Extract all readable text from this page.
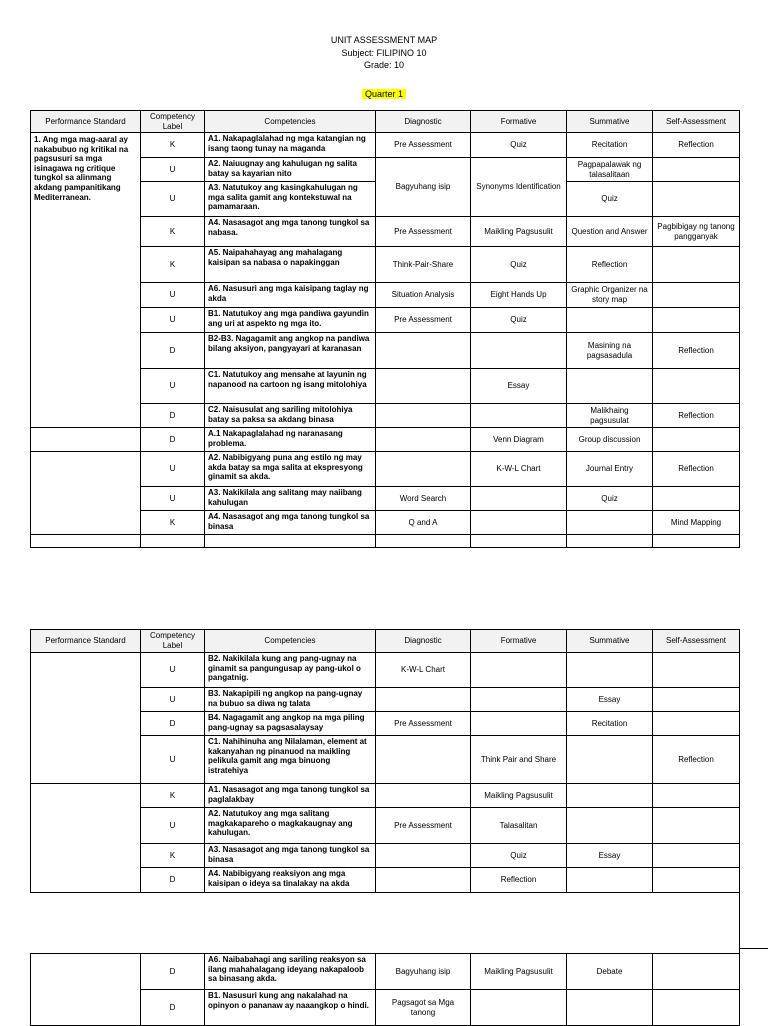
UNIT ASSESSMENT MAP
Subject: FILIPINO 10
Grade: 10
Quarter 1
Performance Standard	Competency Label	Competencies	Diagnostic	Formative	Summative	Self-Assessment
1. Ang mga mag-aaral ay nakabubuo ng kritikal na pagsusuri sa mga isinagawa ng critique tungkol sa alinmang akdang pampanitikang Mediterranean.	K	A1. Nakapaglalahad ng mga katangian ng isang taong tunay na maganda	Pre Assessment	Quiz	Recitation	Reflection
	U	A2. Naiuugnay ang kahulugan ng salita batay sa kayarian nito	Bagyuhang isip	Synonyms Identification	Pagpapalawak ng talasalitaan	
	U	A3. Natutukoy ang kasingkahulugan ng mga salita gamit ang kontekstuwal na pamamaraan.			Quiz	
	K	A4. Nasasagot ang mga tanong tungkol sa nabasa.	Pre Assessment	Maikling Pagsusulit	Question and Answer	Pagbibigay ng tanong pangganyak
	K	A5. Naipahahayag ang mahalagang kaisipan sa nabasa o napakinggan	Think-Pair-Share	Quiz	Reflection	
	U	A6. Nasusuri ang mga kaisipang taglay ng akda	Situation Analysis	Eight Hands Up	Graphic Organizer na story map	
	U	B1. Natutukoy ang mga pandiwa gayundin ang uri at aspekto ng mga ito.	Pre Assessment	Quiz		
	D	B2-B3. Nagagamit ang angkop na pandiwa bilang aksiyon, pangyayari at karanasan			Masining na pagsasadula	Reflection
	U	C1. Natutukoy ang mensahe at layunin ng napanood na cartoon ng isang mitolohiya		Essay		
	D	C2. Naisusulat ang sariling mitolohiya batay sa paksa sa akdang binasa			Malikhaing pagsusulat	Reflection
	D	A.1 Nakapaglalahad ng naranasang problema.		Venn Diagram	Group discussion	
	U	A2. Nabibigyang puna ang estilo ng may akda batay sa mga salita at ekspresyong ginamit sa akda.		K-W-L Chart	Journal Entry	Reflection
	U	A3. Nakikilala ang salitang may naiibang kahulugan	Word Search		Quiz	
	K	A4. Nasasagot ang mga tanong tungkol sa binasa	Q and A			Mind Mapping

Performance Standard	Competency Label	Competencies	Diagnostic	Formative	Summative	Self-Assessment
	U	B2. Nakikilala kung ang pang-ugnay na ginamit sa pangungusap ay pang-ukol o pangatnig.	K-W-L Chart			
	U	B3. Nakapipili ng angkop na pang-ugnay na bubuo sa diwa ng talata			Essay	
	D	B4. Nagagamit ang angkop na mga piling pang-ugnay sa pagsasalaysay	Pre Assessment		Recitation	
	U	C1. Nahihinuha ang Nilalaman, element at kakanyahan ng pinanuod na maikling pelikula gamit ang mga binuong istratehiya		Think Pair and Share		Reflection
	K	A1. Nasasagot ang mga tanong tungkol sa paglalakbay		Maikling Pagsusulit		
	U	A2. Natutukoy ang mga salitang magkakapareho o magkakaugnay ang kahulugan.	Pre Assessment	Talasalitan		
	K	A3. Nasasagot ang mga tanong tungkol sa binasa		Quiz	Essay	
	D	A4. Nabibigyang reaksiyon ang mga kaisipan o ideya sa tinalakay na akda		Reflection		
	D	A6. Naibabahagi ang sariling reaksyon sa ilang mahahalagang ideyang nakapaloob sa binasang akda.	Bagyuhang isip	Maikling Pagsusulit	Debate	
	D	B1. Nasusuri kung ang nakalahad na opinyon o pananaw ay naaangkop o hindi.	Pagsagot sa Mga tanong			
